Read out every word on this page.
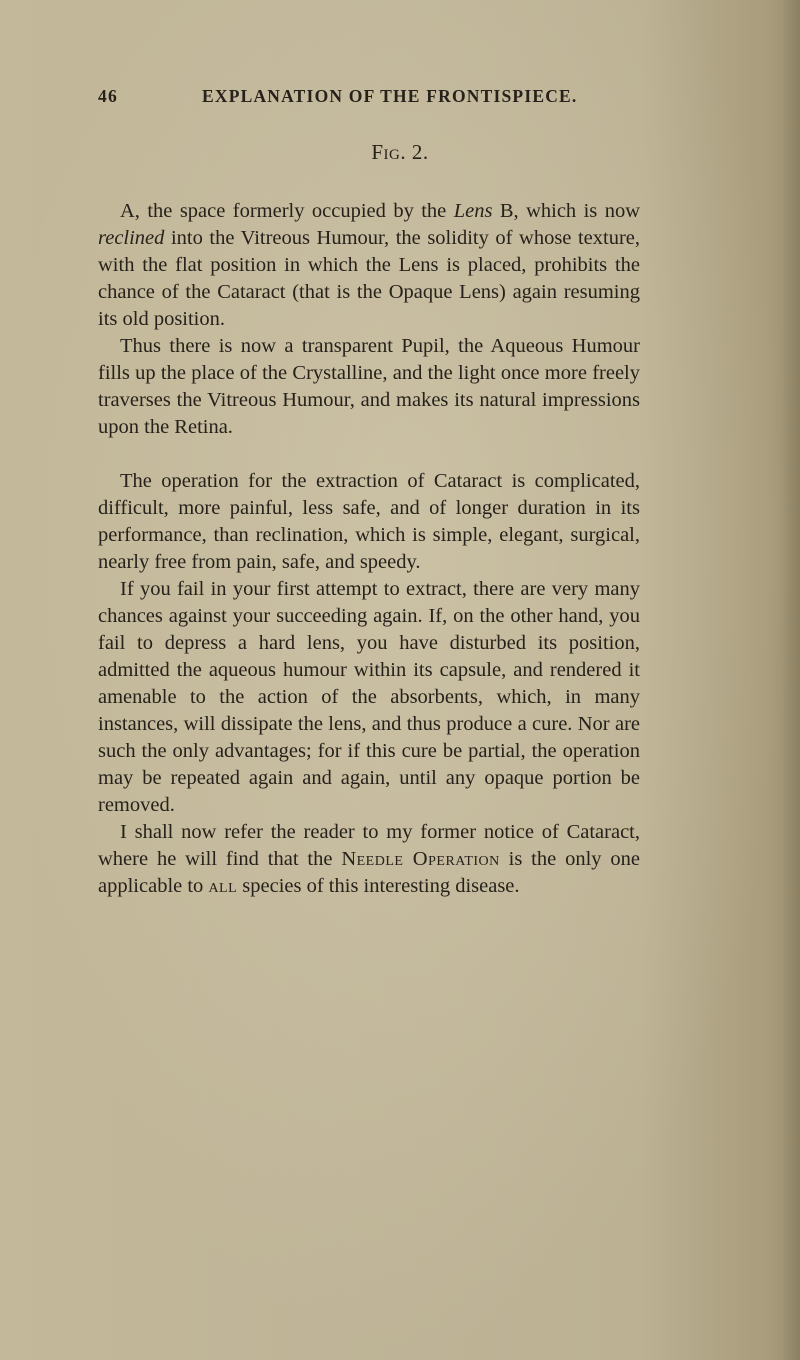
46	EXPLANATION OF THE FRONTISPIECE.
Fig. 2.

A, the space formerly occupied by the Lens B, which is now reclined into the Vitreous Humour, the solidity of whose texture, with the flat position in which the Lens is placed, prohibits the chance of the Cataract (that is the Opaque Lens) again resuming its old position.

Thus there is now a transparent Pupil, the Aqueous Humour fills up the place of the Crystalline, and the light once more freely traverses the Vitreous Humour, and makes its natural impressions upon the Retina.

The operation for the extraction of Cataract is complicated, difficult, more painful, less safe, and of longer duration in its performance, than reclination, which is simple, elegant, surgical, nearly free from pain, safe, and speedy.

If you fail in your first attempt to extract, there are very many chances against your succeeding again. If, on the other hand, you fail to depress a hard lens, you have disturbed its position, admitted the aqueous humour within its capsule, and rendered it amenable to the action of the absorbents, which, in many instances, will dissipate the lens, and thus produce a cure. Nor are such the only advantages; for if this cure be partial, the operation may be repeated again and again, until any opaque portion be removed.

I shall now refer the reader to my former notice of Cataract, where he will find that the Needle Operation is the only one applicable to all species of this interesting disease.
